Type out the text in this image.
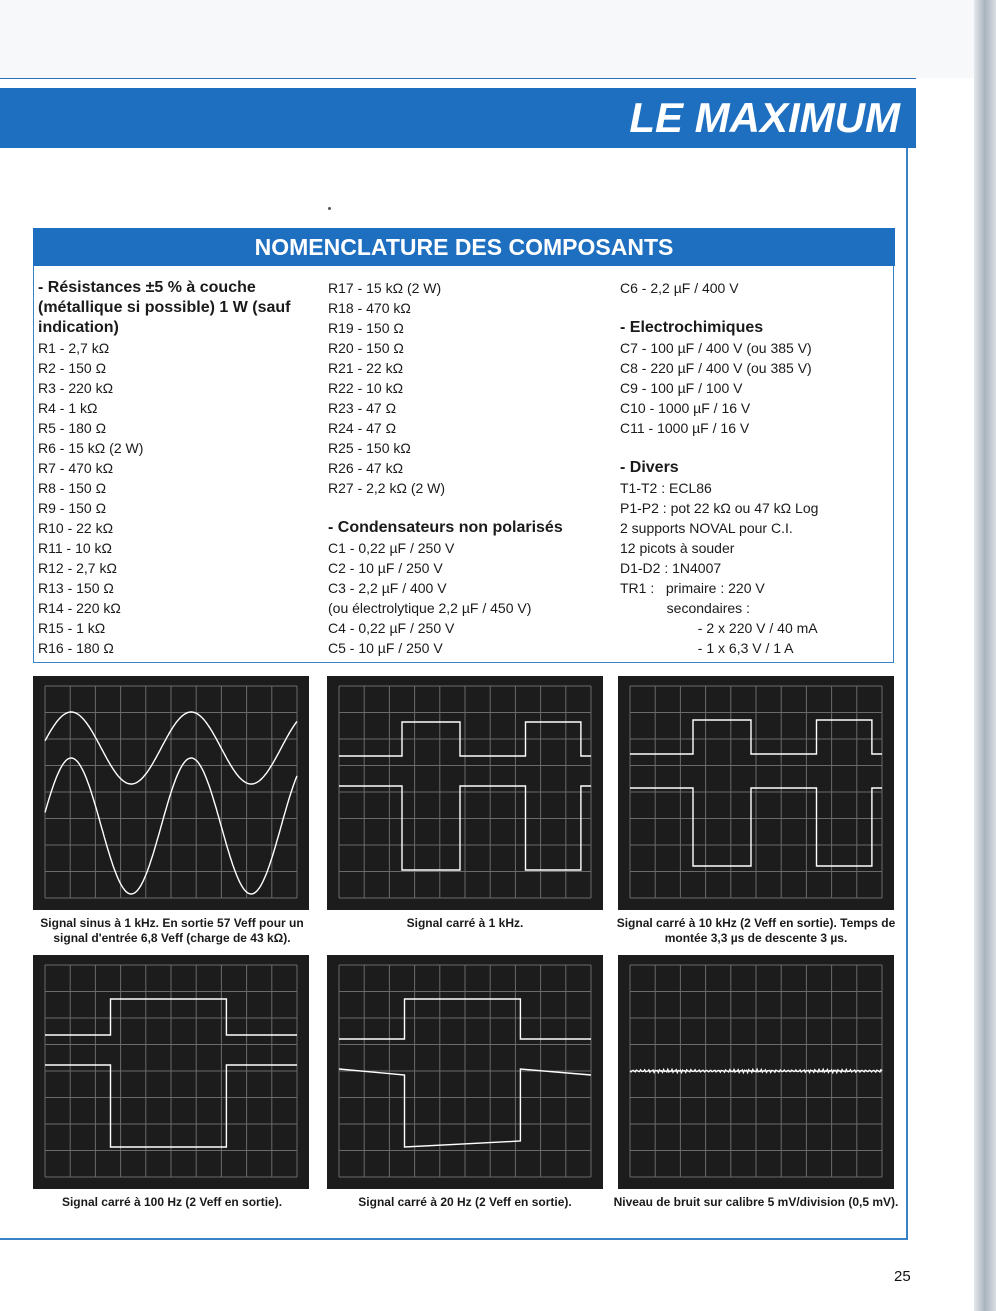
LE MAXIMUM
NOMENCLATURE DES COMPOSANTS
- Résistances ±5 % à couche (métallique si possible) 1 W (sauf indication)
R1 - 2,7 kΩ
R2 - 150 Ω
R3 - 220 kΩ
R4 - 1 kΩ
R5 - 180 Ω
R6 - 15 kΩ (2 W)
R7 - 470 kΩ
R8 - 150 Ω
R9 - 150 Ω
R10 - 22 kΩ
R11 - 10 kΩ
R12 - 2,7 kΩ
R13 - 150 Ω
R14 - 220 kΩ
R15 - 1 kΩ
R16 - 180 Ω
R17 - 15 kΩ (2 W)
R18 - 470 kΩ
R19 - 150 Ω
R20 - 150 Ω
R21 - 22 kΩ
R22 - 10 kΩ
R23 - 47 Ω
R24 - 47 Ω
R25 - 150 kΩ
R26 - 47 kΩ
R27 - 2,2 kΩ (2 W)
- Condensateurs non polarisés
C1 - 0,22 µF / 250 V
C2 - 10 µF / 250 V
C3 - 2,2 µF / 400 V
(ou électrolytique 2,2 µF / 450 V)
C4 - 0,22 µF / 250 V
C5 - 10 µF / 250 V
C6 - 2,2 µF / 400 V
- Electrochimiques
C7 - 100 µF / 400 V (ou 385 V)
C8 - 220 µF / 400 V (ou 385 V)
C9 - 100 µF / 100 V
C10 - 1000 µF / 16 V
C11 - 1000 µF / 16 V
- Divers
T1-T2 : ECL86
P1-P2 : pot 22 kΩ ou 47 kΩ Log
2 supports NOVAL pour C.I.
12 picots à souder
D1-D2 : 1N4007
TR1 :   primaire : 220 V
secondaires :
- 2 x 220 V / 40 mA
- 1 x 6,3 V / 1 A
Signal sinus à 1 kHz. En sortie 57 Veff pour un signal d'entrée 6,8 Veff (charge de 43 kΩ).
Signal carré à 1 kHz.	Signal carré à 10 kHz (2 Veff en sortie). Temps de montée 3,3 µs de descente 3 µs.
Signal carré à 100 Hz (2 Veff en sortie).	Signal carré à 20 Hz (2 Veff en sortie).	Niveau de bruit sur calibre 5 mV/division (0,5 mV).
25
